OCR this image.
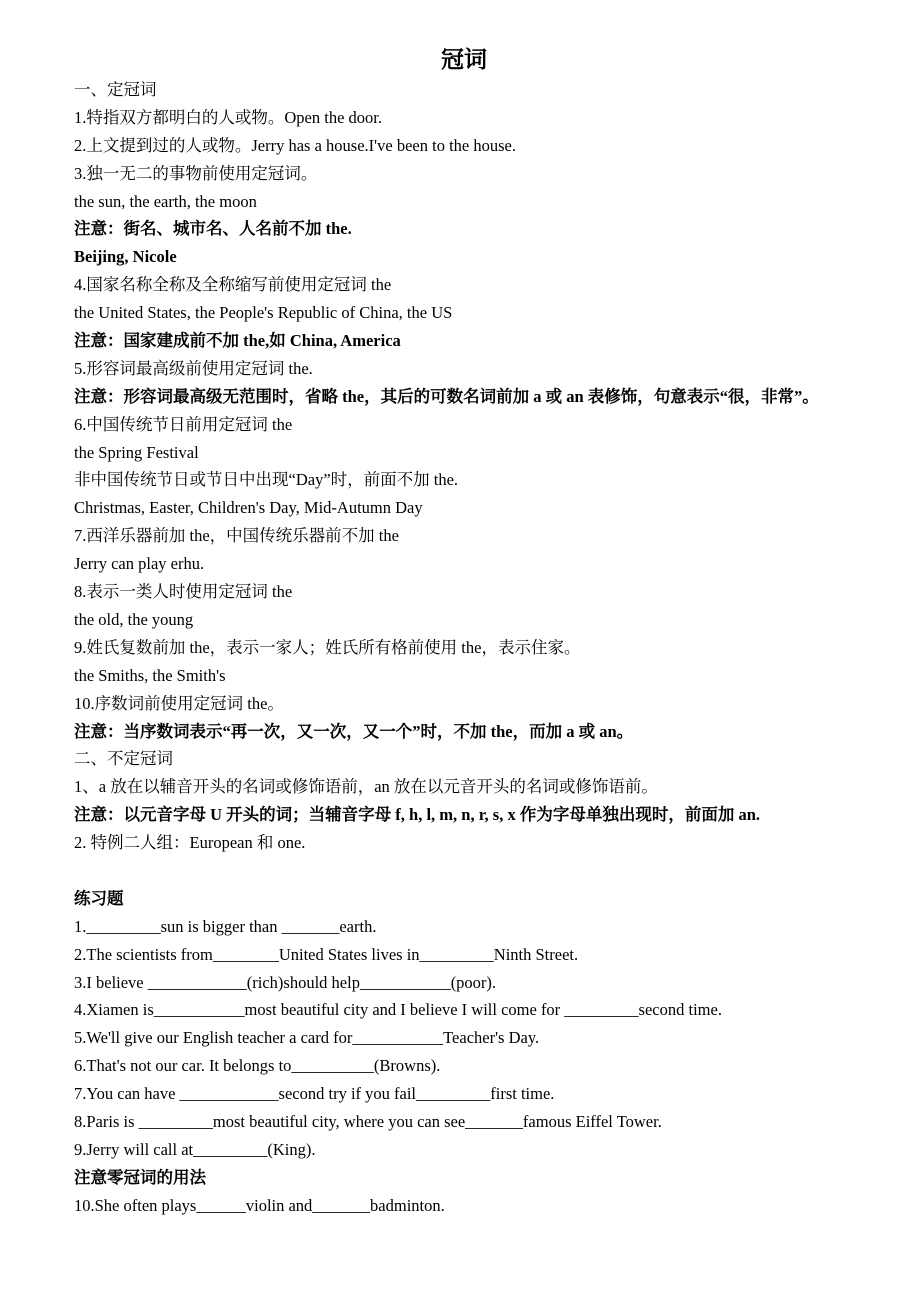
冠词

一、定冠词

1.特指双方都明白的人或物。Open the door.

2.上文提到过的人或物。Jerry has a house.I've been to the house.

3.独一无二的事物前使用定冠词。

the sun, the earth, the moon

注意：街名、城市名、人名前不加 the.

Beijing, Nicole

4.国家名称全称及全称缩写前使用定冠词 the

the United States, the People's Republic of China, the US

注意：国家建成前不加 the,如 China, America

5.形容词最高级前使用定冠词 the.

注意：形容词最高级无范围时，省略 the，其后的可数名词前加 a 或 an 表修饰，句意表示“很，非常”。

6.中国传统节日前用定冠词 the

the Spring Festival

非中国传统节日或节日中出现“Day”时，前面不加 the.

Christmas, Easter, Children's Day, Mid-Autumn Day

7.西洋乐器前加 the，中国传统乐器前不加 the

Jerry can play erhu.

8.表示一类人时使用定冠词 the

the old, the young

9.姓氏复数前加 the，表示一家人；姓氏所有格前使用 the，表示住家。

the Smiths, the Smith's

10.序数词前使用定冠词 the。

注意：当序数词表示“再一次，又一次，又一个”时，不加 the，而加 a 或 an。

二、不定冠词

1、a 放在以辅音开头的名词或修饰语前，an 放在以元音开头的名词或修饰语前。

注意：以元音字母 U 开头的词；当辅音字母 f, h, l, m, n, r, s, x 作为字母单独出现时，前面加 an.

2. 特例二人组：European 和 one.

练习题

1._________sun is bigger than _______earth.

2.The scientists from________United States lives in_________Ninth Street.

3.I believe ____________(rich)should help___________(poor).

4.Xiamen is___________most beautiful city and I believe I will come for _________second time.

5.We'll give our English teacher a card for___________Teacher's Day.

6.That's not our car. It belongs to__________(Browns).

7.You can have ____________second try if you fail_________first time.

8.Paris is _________most beautiful city, where you can see_______famous Eiffel Tower.

9.Jerry will call at_________(King).

注意零冠词的用法

10.She often plays______violin and_______badminton.
